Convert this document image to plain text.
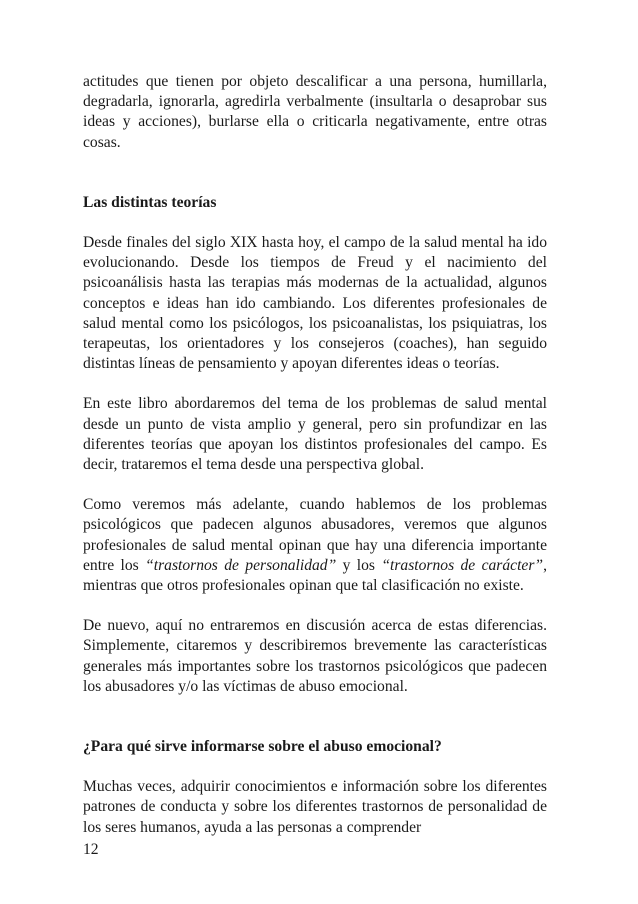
actitudes que tienen por objeto descalificar a una persona, humillarla, degradarla, ignorarla, agredirla verbalmente (insultarla o desaprobar sus ideas y acciones), burlarse ella o criticarla negativamente, entre otras cosas.

Las distintas teorías

Desde finales del siglo XIX hasta hoy, el campo de la salud mental ha ido evolucionando. Desde los tiempos de Freud y el nacimiento del psicoanálisis hasta las terapias más modernas de la actualidad, algunos conceptos e ideas han ido cambiando. Los diferentes profesionales de salud mental como los psicólogos, los psicoanalistas, los psiquiatras, los terapeutas, los orientadores y los consejeros (coaches), han seguido distintas líneas de pensamiento y apoyan diferentes ideas o teorías.

En este libro abordaremos del tema de los problemas de salud mental desde un punto de vista amplio y general, pero sin profundizar en las diferentes teorías que apoyan los distintos profesionales del campo. Es decir, trataremos el tema desde una perspectiva global.

Como veremos más adelante, cuando hablemos de los problemas psicológicos que padecen algunos abusadores, veremos que algunos profesionales de salud mental opinan que hay una diferencia importante entre los “trastornos de personalidad” y los “trastornos de carácter”, mientras que otros profesionales opinan que tal clasificación no existe.

De nuevo, aquí no entraremos en discusión acerca de estas diferencias. Simplemente, citaremos y describiremos brevemente las características generales más importantes sobre los trastornos psicológicos que padecen los abusadores y/o las víctimas de abuso emocional.

¿Para qué sirve informarse sobre el abuso emocional?

Muchas veces, adquirir conocimientos e información sobre los diferentes patrones de conducta y sobre los diferentes trastornos de personalidad de los seres humanos, ayuda a las personas a comprender

12
